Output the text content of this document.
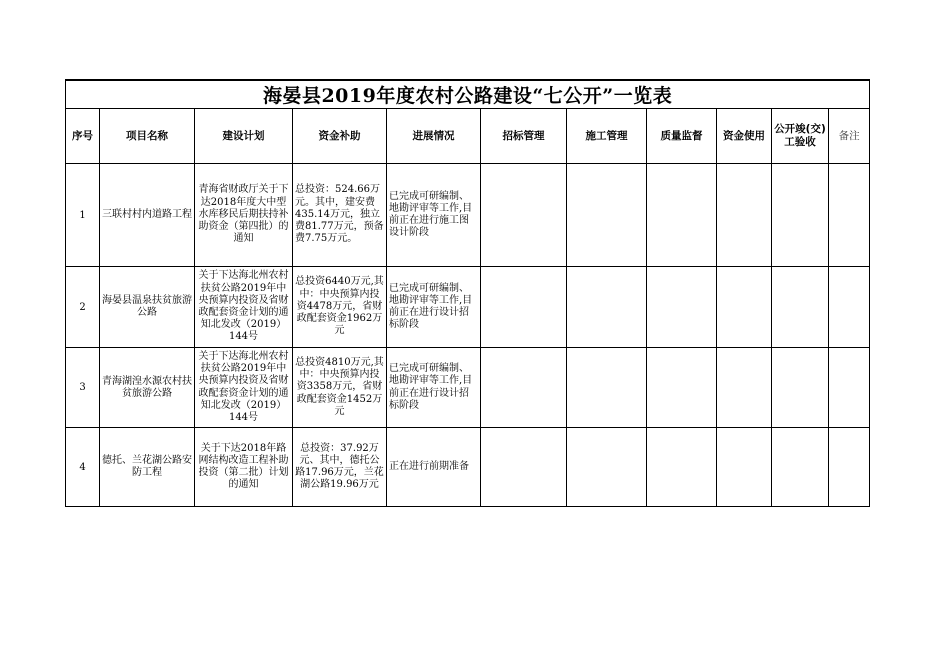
海晏县2019年度农村公路建设“七公开”一览表										
序号	项目名称	建设计划	资金补助	进展情况	招标管理	施工管理	质量监督	资金使用	公开竣(交)工验收	备注
1	三联村村内道路工程	青海省财政厅关于下达2018年度大中型水库移民后期扶持补助资金（第四批）的通知	总投资：524.66万元。其中，建安费435.14万元，独立费81.77万元，预备费7.75万元。	已完成可研编制、地勘评审等工作,目前正在进行施工图设计阶段						
2	海晏县温泉扶贫旅游公路	关于下达海北州农村扶贫公路2019年中央预算内投资及省财政配套资金计划的通知北发改（2019）144号	总投资6440万元,其中：中央预算内投资4478万元，省财政配套资金1962万元	已完成可研编制、地勘评审等工作,目前正在进行设计招标阶段						
3	青海湖湟水源农村扶贫旅游公路	关于下达海北州农村扶贫公路2019年中央预算内投资及省财政配套资金计划的通知北发改（2019）144号	总投资4810万元,其中：中央预算内投资3358万元，省财政配套资金1452万元	已完成可研编制、地勘评审等工作,目前正在进行设计招标阶段						
4	德托、兰花湖公路安防工程	关于下达2018年路网结构改造工程补助投资（第二批）计划的通知	总投资：37.92万元、其中，德托公路17.96万元，兰花湖公路19.96万元	正在进行前期准备						
